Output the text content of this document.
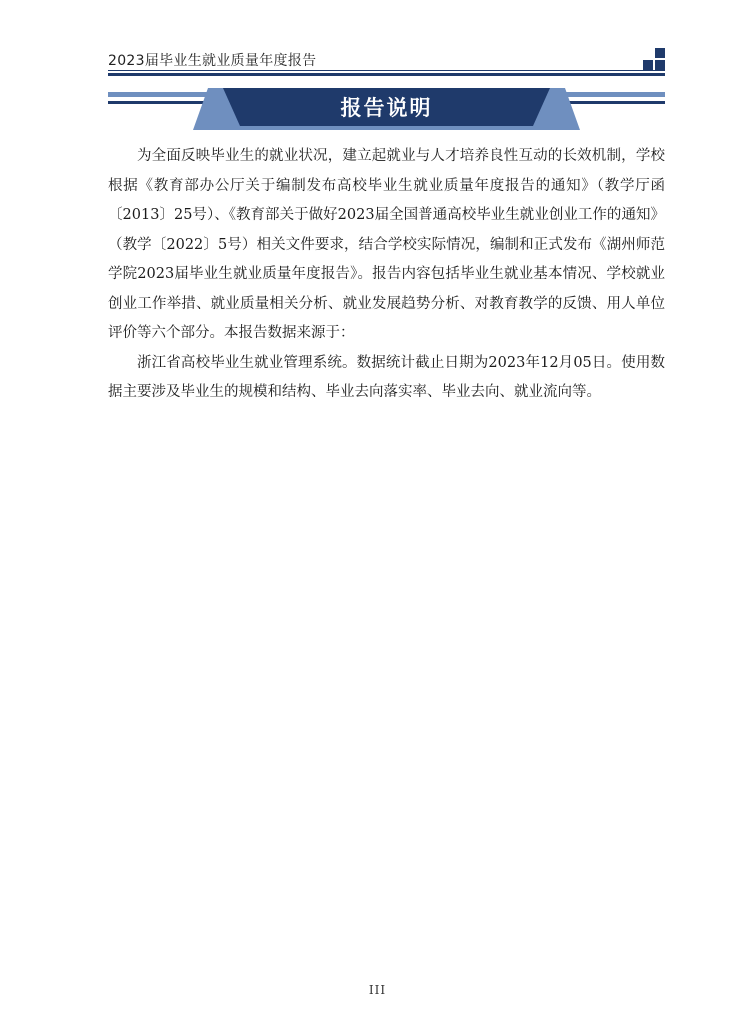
2023届毕业生就业质量年度报告
报告说明

为全面反映毕业生的就业状况，建立起就业与人才培养良性互动的长效机制，学校根据《教育部办公厅关于编制发布高校毕业生就业质量年度报告的通知》（教学厅函〔2013〕25号）、《教育部关于做好2023届全国普通高校毕业生就业创业工作的通知》（教学〔2022〕5号）相关文件要求，结合学校实际情况，编制和正式发布《湖州师范学院2023届毕业生就业质量年度报告》。报告内容包括毕业生就业基本情况、学校就业创业工作举措、就业质量相关分析、就业发展趋势分析、对教育教学的反馈、用人单位评价等六个部分。本报告数据来源于：

浙江省高校毕业生就业管理系统。数据统计截止日期为2023年12月05日。使用数据主要涉及毕业生的规模和结构、毕业去向落实率、毕业去向、就业流向等。

III
